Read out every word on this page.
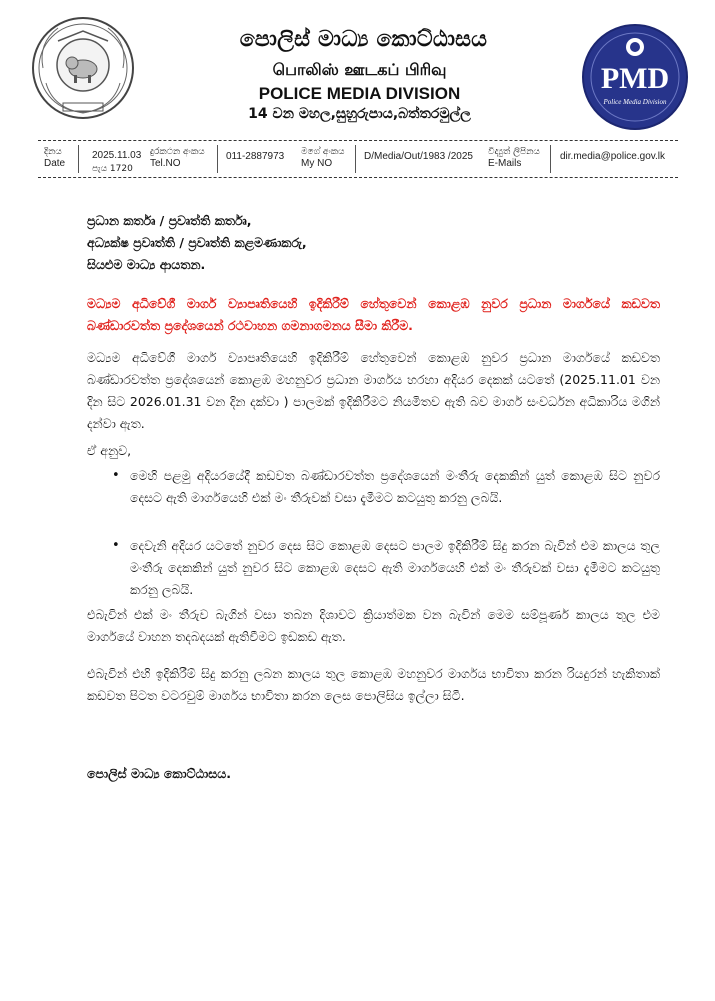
පොලිස් මාධ්‍ය කොට්ඨාසය
பொலிஸ் ஊடகப் பிரிவு
POLICE MEDIA DIVISION
14 වන මහල,සුහුරුපාය,බත්තරමුල්ල
PMD
Police Media Division
දිනය
Date
2025.11.03
පැය 1720
දුරකථන අංකය
Tel.NO
011-2887973 මගේ අංකය
My NO
D/Media/Out/1983 /2025 විද්‍යුත් ලිපිනය
E-Mails
dir.media@police.gov.lk
ප්‍රධාන කර්තෘ / ප්‍රවෘත්ති කර්තෘ,
අධ්‍යක්ෂ ප්‍රවෘත්ති / ප්‍රවෘත්ති කළමණාකරු,
සියළුම මාධ්‍ය ආයතන.
මධ්‍යම අධිවේගී මාර්ග ව්‍යාපෘතියෙහි ඉදිකිරීම් හේතුවෙන් කොළඹ නුවර ප්‍රධාන මාර්ගයේ කඩවත බණ්ඩාරවත්ත ප්‍රදේශයෙන් රථවාහන ගමනාගමනය සීමා කිරීම.
මධ්‍යම අධිවේගී මාර්ග ව්‍යාපෘතියෙහි ඉදිකිරීම් හේතුවෙන් කොළඹ නුවර ප්‍රධාන මාර්ගයේ කඩවත බණ්ඩාරවත්ත ප්‍රදේශයෙන් කොළඹ මහනුවර ප්‍රධාන මාර්ගය හරහා අදියර දෙකක් යටතේ (2025.11.01 වන දින සිට 2026.01.31 වන දින දක්වා ) පාලමක් ඉදිකිරීමට නියමිතව ඇති බව මාර්ග සංවර්ධන අධිකාරිය මගින් දන්වා ඇත.
ඒ අනුව,
• මෙහි පළමු අදියරයේදී කඩවත බණ්ඩාරවත්ත ප්‍රදේශයෙන් මංතීරු දෙකකින් යුත් කොළඹ සිට නුවර දෙසට ඇති මාර්ගයෙහි එක් මං තීරුවක් වසා දැමීමට කටයුතු කරනු ලබයි.
• දෙවැනි අදියර යටතේ නුවර දෙස සිට කොළඹ දෙසට පාලම ඉදිකිරීම් සිදු කරන බැවින් එම කාලය තුල මංතීරු දෙකකින් යුත් නුවර සිට කොළඹ දෙසට ඇති මාර්ගයෙහි එක් මං තීරුවක් වසා දැමීමට කටයුතු කරනු ලබයි.
එබැවින් එක් මං තීරුව බැගින් වසා තබන දිශාවට ක්‍රියාත්මක වන බැවින් මෙම සම්පූර්ණ කාලය තුල එම මාර්ගයේ වාහන තදබදයක් ඇතිවීමට ඉඩකඩ ඇත.
එබැවින් එහි ඉදිකිරීම් සිදු කරනු ලබන කාලය තුල කොළඹ මහනුවර මාර්ගය භාවිතා කරන රියදුරන් හැකිතාක් කඩවත පිටත වටරවුම් මාර්ගය භාවිතා කරන ලෙස පොලිසිය ඉල්ලා සිටී.
පොලිස් මාධ්‍ය කොට්ඨාසය.
